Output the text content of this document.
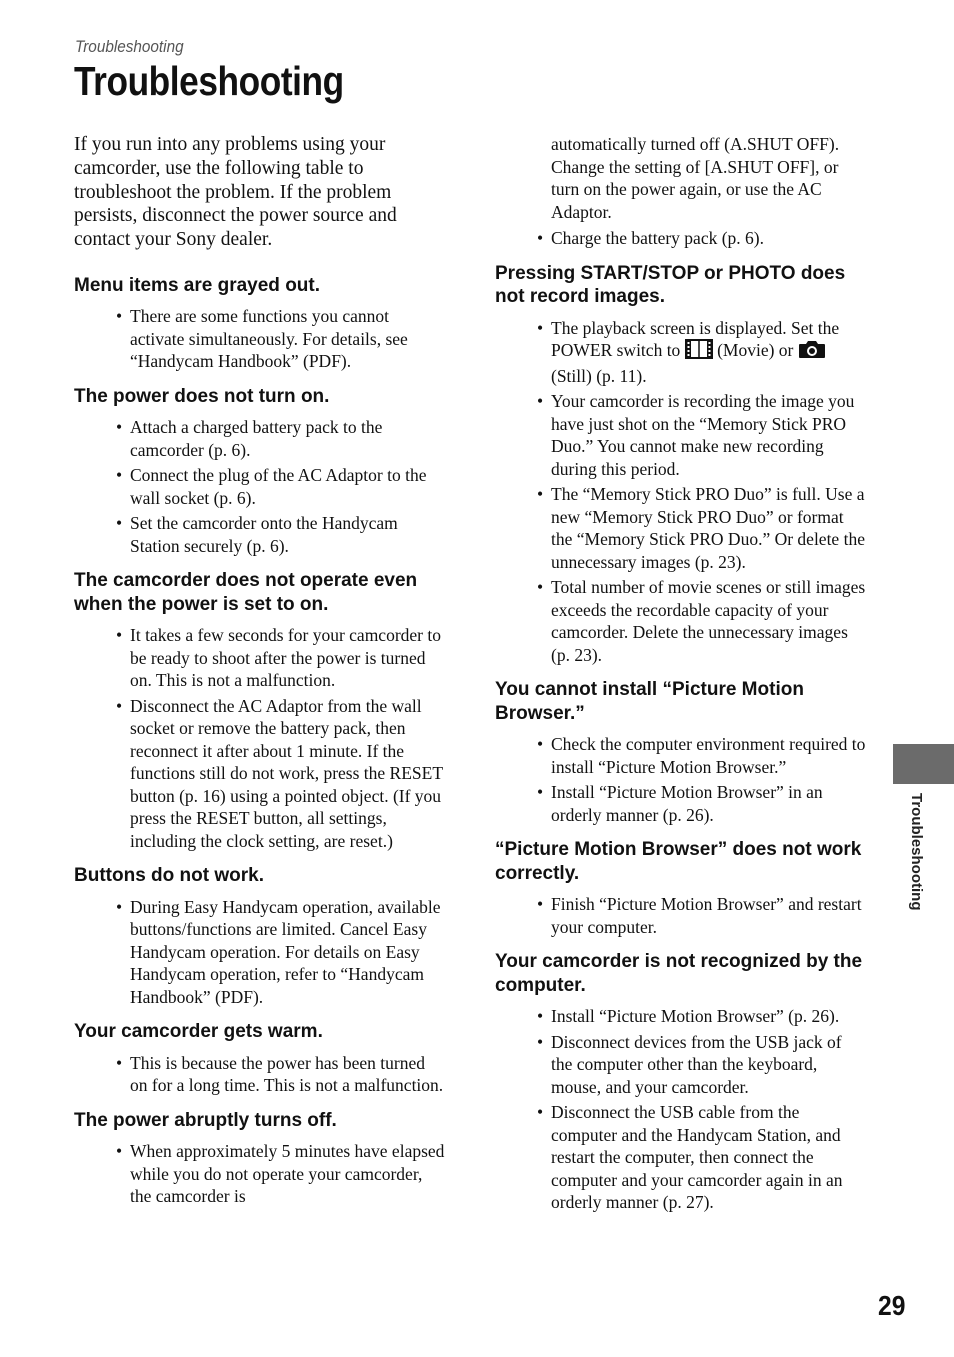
Troubleshooting
Troubleshooting

If you run into any problems using your camcorder, use the following table to troubleshoot the problem. If the problem persists, disconnect the power source and contact your Sony dealer.

Menu items are grayed out.
• There are some functions you cannot activate simultaneously. For details, see “Handycam Handbook” (PDF).
The power does not turn on.
• Attach a charged battery pack to the camcorder (p. 6).
• Connect the plug of the AC Adaptor to the wall socket (p. 6).
• Set the camcorder onto the Handycam Station securely (p. 6).
The camcorder does not operate even when the power is set to on.
• It takes a few seconds for your camcorder to be ready to shoot after the power is turned on. This is not a malfunction.
• Disconnect the AC Adaptor from the wall socket or remove the battery pack, then reconnect it after about 1 minute. If the functions still do not work, press the RESET button (p. 16) using a pointed object. (If you press the RESET button, all settings, including the clock setting, are reset.)
Buttons do not work.
• During Easy Handycam operation, available buttons/functions are limited. Cancel Easy Handycam operation. For details on Easy Handycam operation, refer to “Handycam Handbook” (PDF).
Your camcorder gets warm.
• This is because the power has been turned on for a long time. This is not a malfunction.
The power abruptly turns off.
• When approximately 5 minutes have elapsed while you do not operate your camcorder, the camcorder is

automatically turned off (A.SHUT OFF). Change the setting of [A.SHUT OFF], or turn on the power again, or use the AC Adaptor.

• Charge the battery pack (p. 6).
Pressing START/STOP or PHOTO does not record images.
• The playback screen is displayed. Set the POWER switch to (Movie) or  (Still) (p. 11).
• Your camcorder is recording the image you have just shot on the “Memory Stick PRO Duo.” You cannot make new recording during this period.
• The “Memory Stick PRO Duo” is full. Use a new “Memory Stick PRO Duo” or format the “Memory Stick PRO Duo.” Or delete the unnecessary images (p. 23).
• Total number of movie scenes or still images exceeds the recordable capacity of your camcorder. Delete the unnecessary images (p. 23).
You cannot install “Picture Motion Browser.”
• Check the computer environment required to install “Picture Motion Browser.”
• Install “Picture Motion Browser” in an orderly manner (p. 26).
“Picture Motion Browser” does not work correctly.
• Finish “Picture Motion Browser” and restart your computer.
Your camcorder is not recognized by the computer.
• Install “Picture Motion Browser” (p. 26).
• Disconnect devices from the USB jack of the computer other than the keyboard, mouse, and your camcorder.
• Disconnect the USB cable from the computer and the Handycam Station, and restart the computer, then connect the computer and your camcorder again in an orderly manner (p. 27).
Troubleshooting
29
